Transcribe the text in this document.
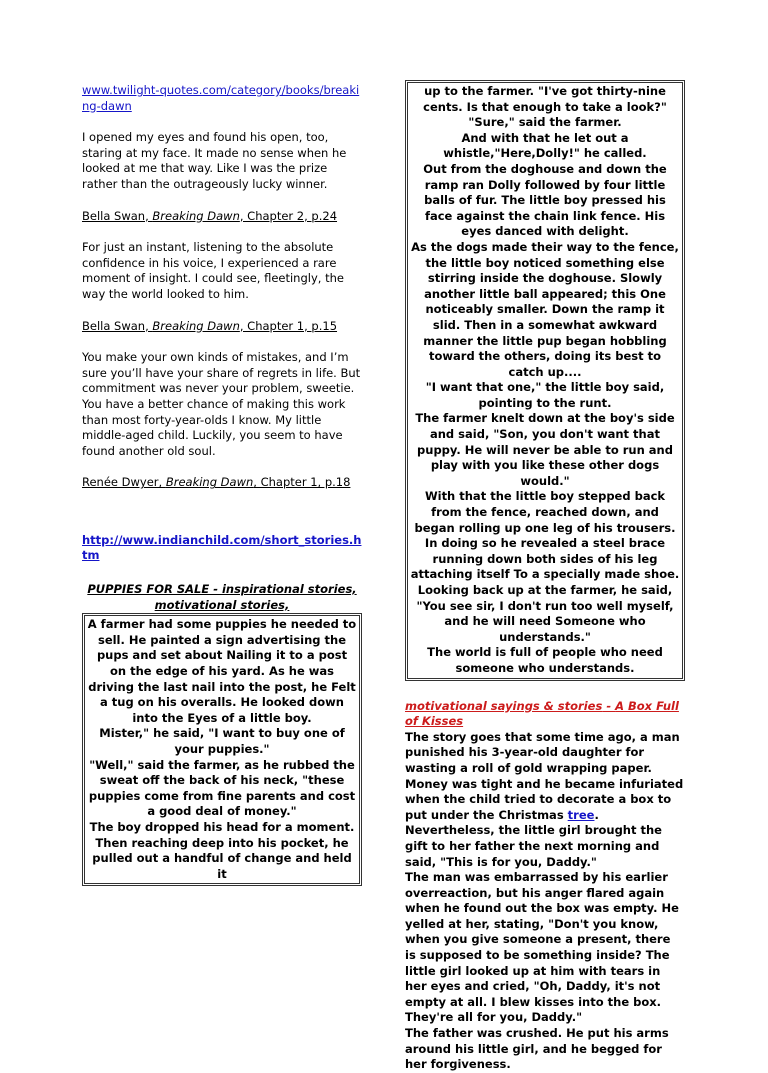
www.twilight-quotes.com/category/books/breaking-dawn

I opened my eyes and found his open, too, staring at my face. It made no sense when he looked at me that way. Like I was the prize rather than the outrageously lucky winner.

Bella Swan, Breaking Dawn, Chapter 2, p.24

For just an instant, listening to the absolute confidence in his voice, I experienced a rare moment of insight. I could see, fleetingly, the way the world looked to him.

Bella Swan, Breaking Dawn, Chapter 1, p.15

You make your own kinds of mistakes, and I’m sure you’ll have your share of regrets in life. But commitment was never your problem, sweetie. You have a better chance of making this work than most forty-year-olds I know. My little middle-aged child. Luckily, you seem to have found another old soul.

Renée Dwyer, Breaking Dawn, Chapter 1, p.18

http://www.indianchild.com/short_stories.htm

PUPPIES FOR SALE - inspirational stories, motivational stories,

A farmer had some puppies he needed to sell. He painted a sign advertising the pups and set about Nailing it to a post on the edge of his yard. As he was driving the last nail into the post, he Felt a tug on his overalls. He looked down into the Eyes of a little boy.

Mister," he said, "I want to buy one of your puppies."

"Well," said the farmer, as he rubbed the sweat off the back of his neck, "these puppies come from fine parents and cost a good deal of money."

The boy dropped his head for a moment. Then reaching deep into his pocket, he pulled out a handful of change and held it

up to the farmer. "I've got thirty-nine cents. Is that enough to take a look?"

"Sure," said the farmer.

And with that he let out a whistle,"Here,Dolly!" he called.

Out from the doghouse and down the ramp ran Dolly followed by four little balls of fur. The little boy pressed his face against the chain link fence. His eyes danced with delight.

As the dogs made their way to the fence, the little boy noticed something else stirring inside the doghouse. Slowly another little ball appeared; this One noticeably smaller. Down the ramp it slid. Then in a somewhat awkward manner the little pup began hobbling toward the others, doing its best to catch up....

"I want that one," the little boy said, pointing to the runt.

The farmer knelt down at the boy's side and said, "Son, you don't want that puppy. He will never be able to run and play with you like these other dogs would."

With that the little boy stepped back from the fence, reached down, and began rolling up one leg of his trousers. In doing so he revealed a steel brace running down both sides of his leg attaching itself To a specially made shoe. Looking back up at the farmer, he said, "You see sir, I don't run too well myself, and he will need Someone who understands."

The world is full of people who need someone who understands.

motivational sayings & stories - A Box Full of Kisses

The story goes that some time ago, a man punished his 3-year-old daughter for wasting a roll of gold wrapping paper. Money was tight and he became infuriated when the child tried to decorate a box to put under the Christmas tree.

Nevertheless, the little girl brought the gift to her father the next morning and said, "This is for you, Daddy."

The man was embarrassed by his earlier overreaction, but his anger flared again when he found out the box was empty. He yelled at her, stating, "Don't you know, when you give someone a present, there is supposed to be something inside? The little girl looked up at him with tears in her eyes and cried, "Oh, Daddy, it's not empty at all. I blew kisses into the box. They're all for you, Daddy."

The father was crushed. He put his arms around his little girl, and he begged for her forgiveness.
